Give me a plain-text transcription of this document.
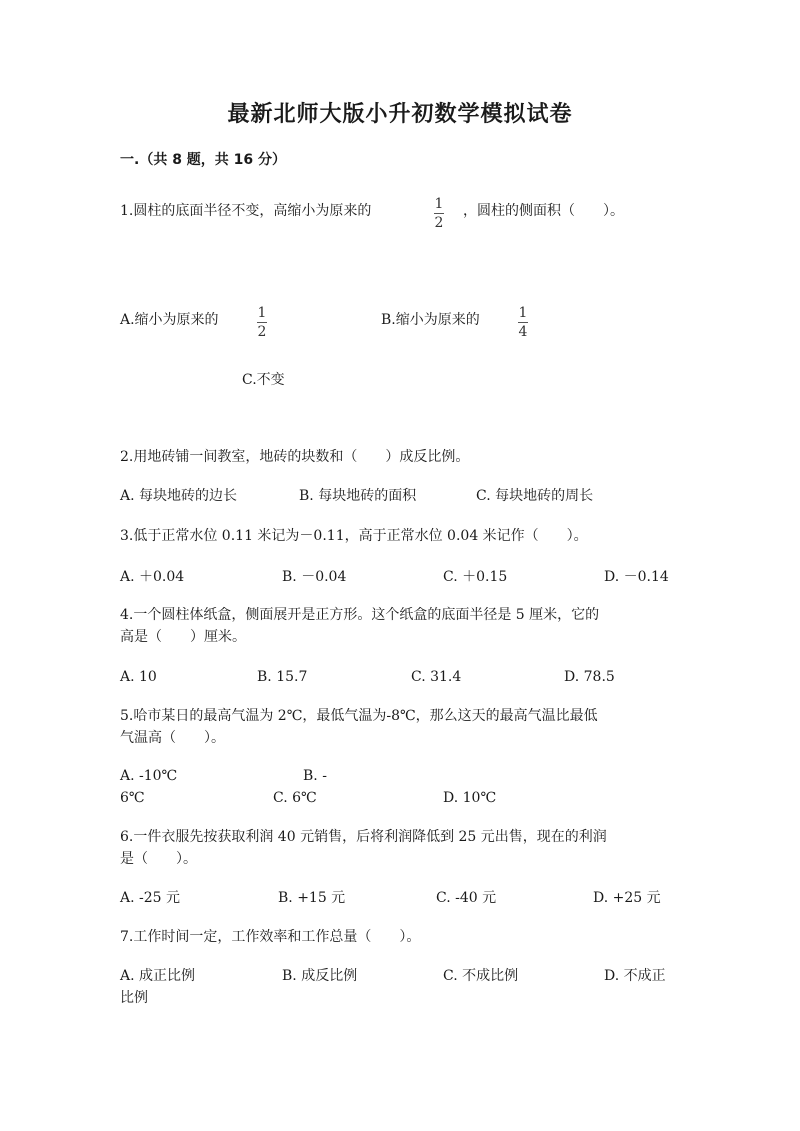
最新北师大版小升初数学模拟试卷
一.（共 8 题，共 16 分）
1.圆柱的底面半径不变，高缩小为原来的	1
2
，圆柱的侧面积（　　）。
A.缩小为原来的	1
2
B.缩小为原来的	1
4
C.不变
2.用地砖铺一间教室，地砖的块数和（　　）成反比例。
A. 每块地砖的边长	B. 每块地砖的面积	C. 每块地砖的周长
3.低于正常水位 0.11 米记为－0.11，高于正常水位 0.04 米记作（　　）。
A. ＋0.04	B. －0.04	C. ＋0.15	D. －0.14
4.一个圆柱体纸盒，侧面展开是正方形。这个纸盒的底面半径是 5 厘米，它的
高是（　　）厘米。
A. 10	B. 15.7	C. 31.4	D. 78.5
5.哈市某日的最高气温为 2℃，最低气温为-8℃，那么这天的最高气温比最低
气温高（　　）。
A. -10℃	B. -
6℃	C. 6℃	D. 10℃
6.一件衣服先按获取利润 40 元销售，后将利润降低到 25 元出售，现在的利润
是（　　）。
A. -25 元	B. +15 元	C. -40 元	D. +25 元
7.工作时间一定，工作效率和工作总量（　　）。
A. 成正比例	B. 成反比例	C. 不成比例	D. 不成正
比例
